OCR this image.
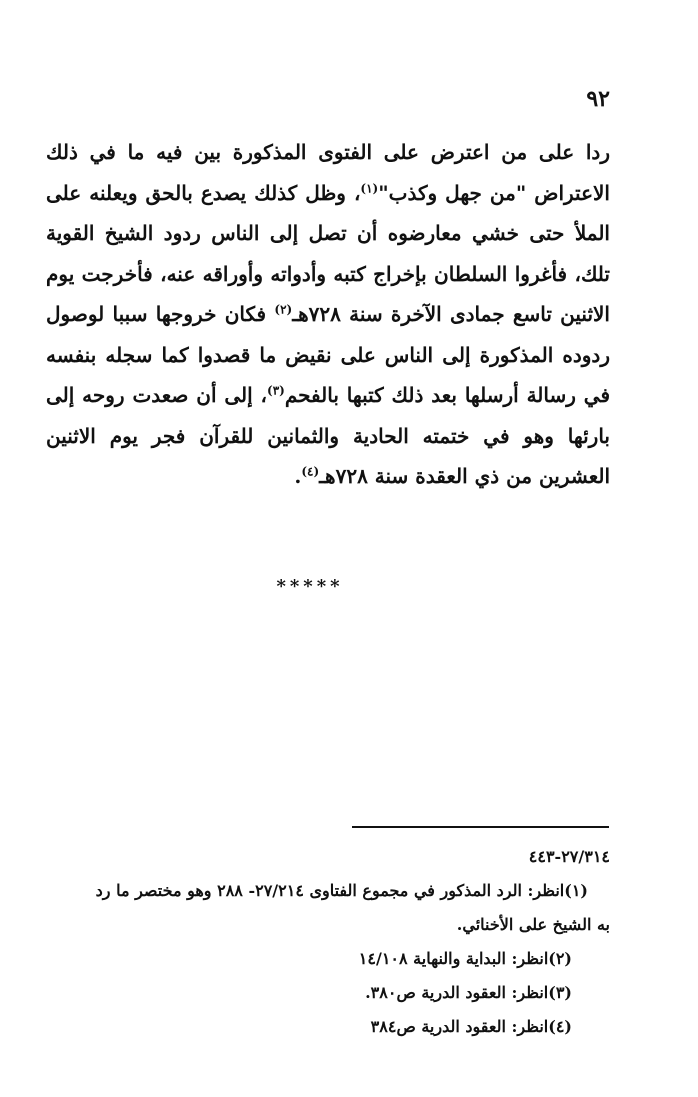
٩٢

ردا على من اعترض على الفتوى المذكورة بين فيه ما في ذلك الاعتراض "من جهل وكذب"$^{(١)}$، وظل كذلك يصدع بالحق ويعلنه على الملأ حتى خشي معارضوه أن تصل إلى الناس ردود الشيخ القوية تلك، فأغروا السلطان بإخراج كتبه وأدواته وأوراقه عنه، فأخرجت يوم الاثنين تاسع جمادى الآخرة سنة ٧٢٨هـ$^{(٢)}$ فكان خروجها سببا لوصول ردوده المذكورة إلى الناس على نقيض ما قصدوا كما سجله بنفسه في رسالة أرسلها بعد ذلك كتبها بالفحم$^{(٣)}$، إلى أن صعدت روحه إلى بارئها وهو في ختمته الحادية والثمانين للقرآن فجر يوم الاثنين العشرين من ذي العقدة سنة ٧٢٨هـ$^{(٤)}$.

*****
٢٧/٣١٤-٤٤٣
(١)انظر: الرد المذكور في مجموع الفتاوى ٢٧/٢١٤- ٢٨٨ وهو مختصر ما رد
به الشيخ على الأخنائي.
(٢)انظر: البداية والنهاية ١٤/١٠٨
(٣)انظر: العقود الدرية ص٣٨٠.
(٤)انظر: العقود الدرية ص٣٨٤
